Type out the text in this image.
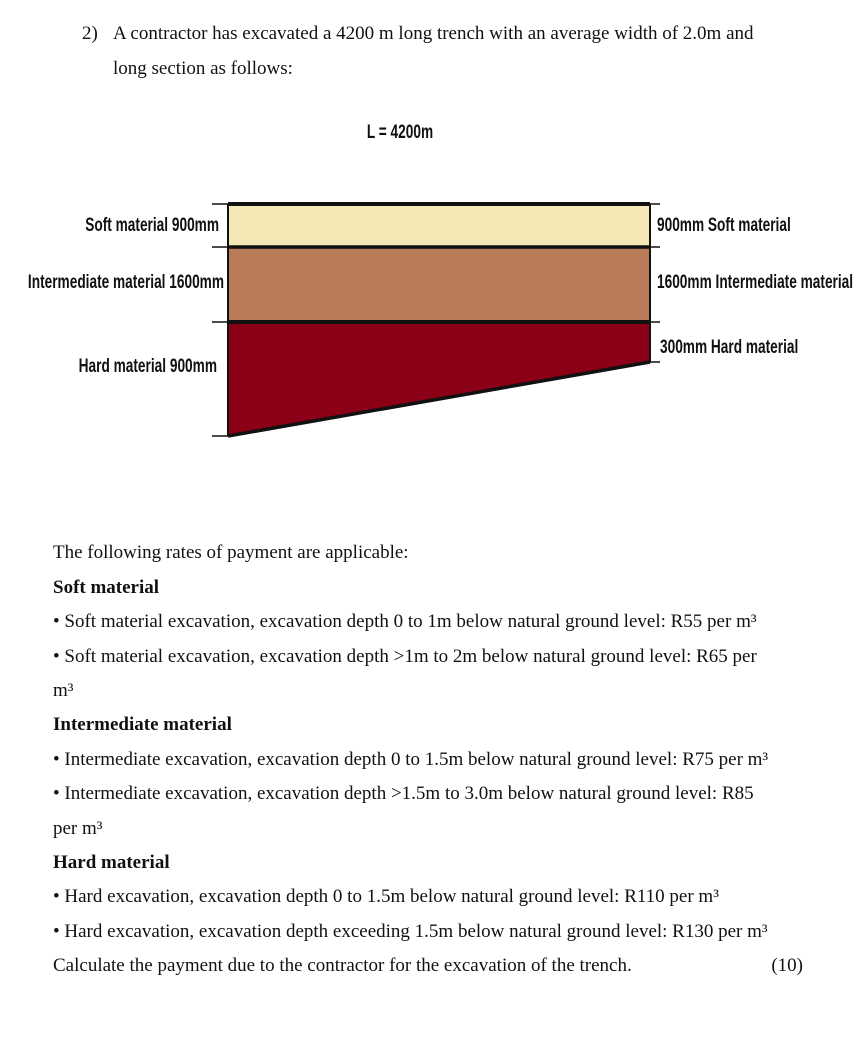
2) A contractor has excavated a 4200 m long trench with an average width of 2.0m and
long section as follows:
L = 4200m
Soft material 900mm
Intermediate material 1600mm
Hard material 900mm
900mm Soft material
1600mm Intermediate material
300mm Hard material
The following rates of payment are applicable:
Soft material
• Soft material excavation, excavation depth 0 to 1m below natural ground level: R55 per m³
• Soft material excavation, excavation depth >1m to 2m below natural ground level: R65 per
m³
Intermediate material
• Intermediate excavation, excavation depth 0 to 1.5m below natural ground level: R75 per m³
• Intermediate excavation, excavation depth >1.5m to 3.0m below natural ground level: R85
per m³
Hard material
• Hard excavation, excavation depth 0 to 1.5m below natural ground level: R110 per m³
• Hard excavation, excavation depth exceeding 1.5m below natural ground level: R130 per m³
Calculate the payment due to the contractor for the excavation of the trench.	(10)
